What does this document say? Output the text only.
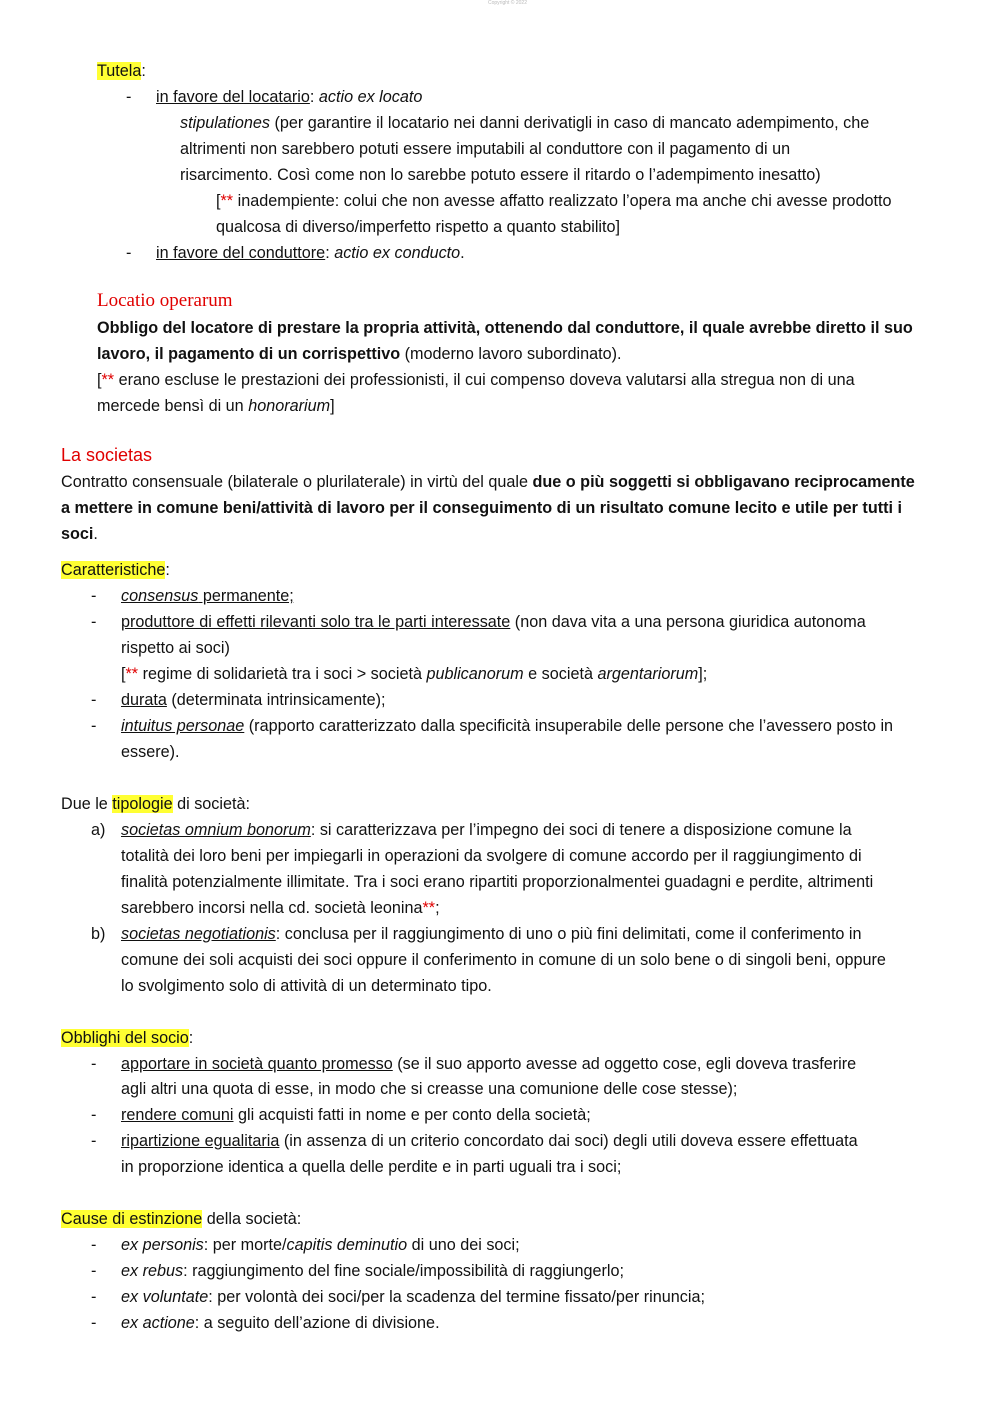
Copyright © 2022
Tutela:
- in favore del locatario: actio ex locato
stipulationes (per garantire il locatario nei danni derivatigli in caso di mancato adempimento, che
altrimenti non sarebbero potuti essere imputabili al conduttore con il pagamento di un
risarcimento. Così come non lo sarebbe potuto essere il ritardo o l’adempimento inesatto)
[** inadempiente: colui che non avesse affatto realizzato l’opera ma anche chi avesse prodotto
qualcosa di diverso/imperfetto rispetto a quanto stabilito]
- in favore del conduttore: actio ex conducto.
Locatio operarum
Obbligo del locatore di prestare la propria attività, ottenendo dal conduttore, il quale avrebbe diretto il suo
lavoro, il pagamento di un corrispettivo (moderno lavoro subordinato).
[** erano escluse le prestazioni dei professionisti, il cui compenso doveva valutarsi alla stregua non di una
mercede bensì di un honorarium]
La societas
Contratto consensuale (bilaterale o plurilaterale) in virtù del quale due o più soggetti si obbligavano reciprocamente
a mettere in comune beni/attività di lavoro per il conseguimento di un risultato comune lecito e utile per tutti i
soci.
Caratteristiche:
- consensus permanente;
- produttore di effetti rilevanti solo tra le parti interessate (non dava vita a una persona giuridica autonoma
rispetto ai soci)
[** regime di solidarietà tra i soci > società publicanorum e società argentariorum];
- durata (determinata intrinsicamente);
- intuitus personae (rapporto caratterizzato dalla specificità insuperabile delle persone che l’avessero posto in
essere).
Due le tipologie di società:
a) societas omnium bonorum: si caratterizzava per l’impegno dei soci di tenere a disposizione comune la
totalità dei loro beni per impiegarli in operazioni da svolgere di comune accordo per il raggiungimento di
finalità potenzialmente illimitate. Tra i soci erano ripartiti proporzionalmentei guadagni e perdite, altrimenti
sarebbero incorsi nella cd. società leonina**;
b) societas negotiationis: conclusa per il raggiungimento di uno o più fini delimitati, come il conferimento in
comune dei soli acquisti dei soci oppure il conferimento in comune di un solo bene o di singoli beni, oppure
lo svolgimento solo di attività di un determinato tipo.
Obblighi del socio:
- apportare in società quanto promesso (se il suo apporto avesse ad oggetto cose, egli doveva trasferire
agli altri una quota di esse, in modo che si creasse una comunione delle cose stesse);
- rendere comuni gli acquisti fatti in nome e per conto della società;
- ripartizione egualitaria (in assenza di un criterio concordato dai soci) degli utili doveva essere effettuata
in proporzione identica a quella delle perdite e in parti uguali tra i soci;
Cause di estinzione della società:
- ex personis: per morte/capitis deminutio di uno dei soci;
- ex rebus: raggiungimento del fine sociale/impossibilità di raggiungerlo;
- ex voluntate: per volontà dei soci/per la scadenza del termine fissato/per rinuncia;
- ex actione: a seguito dell’azione di divisione.
